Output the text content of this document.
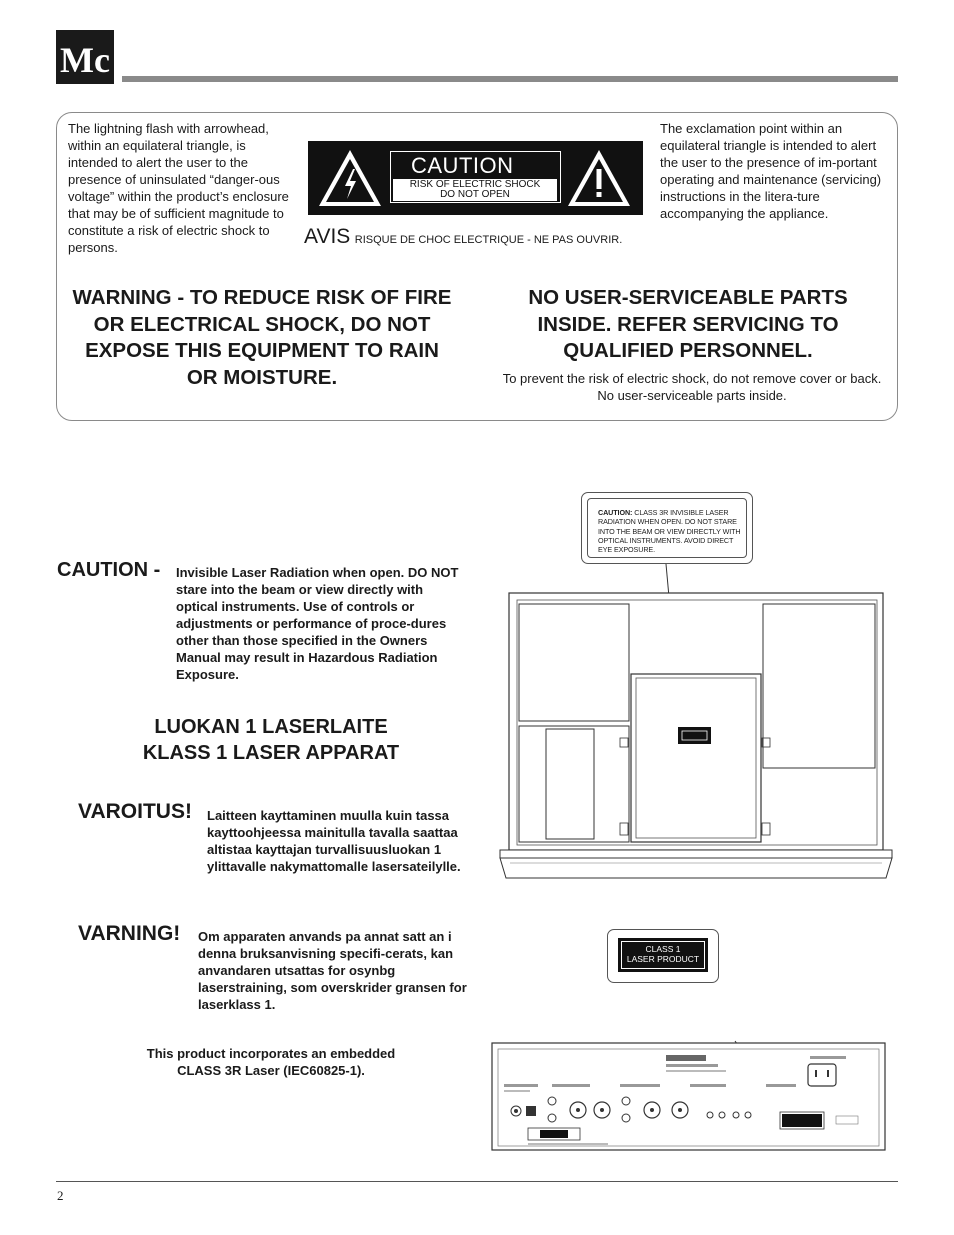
Mc
The lightning flash with arrowhead, within an equilateral triangle, is intended to alert the user to the presence of uninsulated “danger-ous voltage” within the product’s enclosure that may be of sufficient magnitude to constitute a risk of electric shock to persons.
The exclamation point within an equilateral triangle is intended to alert the user to the presence of im-portant operating and maintenance (servicing) instructions in the litera-ture accompanying the appliance.
CAUTION
RISK OF ELECTRIC SHOCK
DO NOT OPEN
AVIS RISQUE DE CHOC ELECTRIQUE - NE PAS OUVRIR.
WARNING - TO REDUCE RISK OF FIRE OR ELECTRICAL SHOCK, DO NOT EXPOSE THIS EQUIPMENT TO RAIN OR MOISTURE.
NO USER-SERVICEABLE PARTS INSIDE. REFER SERVICING TO QUALIFIED PERSONNEL.
To prevent the risk of electric shock, do not remove cover or back. No user-serviceable parts inside.
CAUTION - Invisible Laser Radiation when open. DO NOT stare into the beam or view directly with optical instruments. Use of controls or adjustments or performance of proce-dures other than those specified in the Owners Manual may result in Hazardous Radiation Exposure.
LUOKAN 1 LASERLAITE
KLASS 1 LASER APPARAT
VAROITUS! Laitteen kayttaminen muulla kuin tassa kayttoohjeessa mainitulla tavalla saattaa altistaa kayttajan turvallisuusluokan 1 ylittavalle nakymattomalle lasersateilylle.
VARNING! Om apparaten anvands pa annat satt an i denna bruksanvisning specifi-cerats, kan anvandaren utsattas for osynbg laserstraining, som overskrider gransen for laserklass 1.
This product incorporates an embedded
CLASS 3R Laser (IEC60825-1).
CAUTION: CLASS 3R INVISIBLE LASER
RADIATION WHEN OPEN. DO NOT STARE
INTO THE BEAM OR VIEW DIRECTLY WITH
OPTICAL INSTRUMENTS. AVOID DIRECT
EYE EXPOSURE.
CLASS 1
LASER PRODUCT
2
